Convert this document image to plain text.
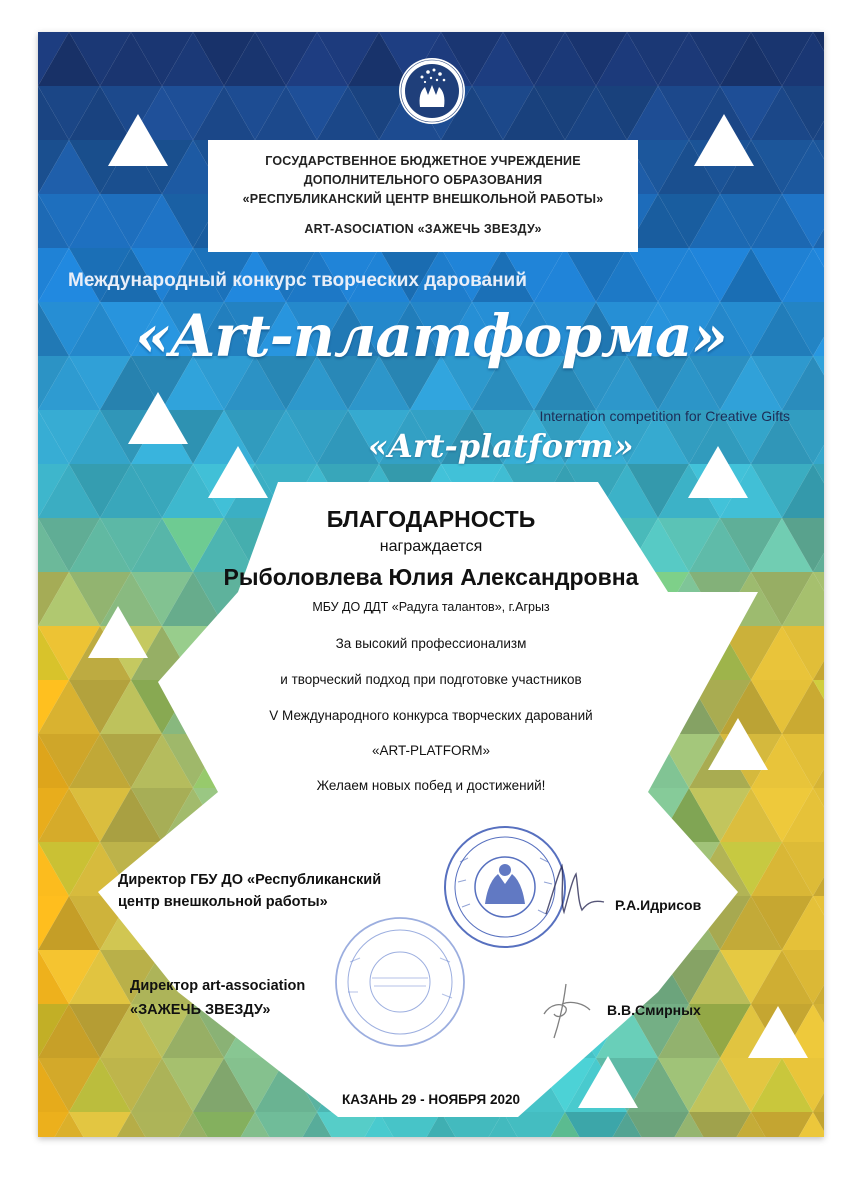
ГОСУДАРСТВЕННОЕ БЮДЖЕТНОЕ УЧРЕЖДЕНИЕ
ДОПОЛНИТЕЛЬНОГО ОБРАЗОВАНИЯ
«РЕСПУБЛИКАНСКИЙ ЦЕНТР ВНЕШКОЛЬНОЙ РАБОТЫ»
ART-ASOCIATION «ЗАЖЕЧЬ ЗВЕЗДУ»
Международный конкурс творческих дарований
«Art-платформа»
Internation competition for Creative Gifts
«Art-platform»
БЛАГОДАРНОСТЬ
награждается
Рыболовлева Юлия Александровна
МБУ ДО ДДТ «Радуга талантов», г.Агрыз
За высокий профессионализм
и творческий подход при подготовке участников
V Международного конкурса творческих дарований
«ART-PLATFORM»
Желаем новых побед и достижений!
Директор ГБУ ДО «Республиканский
центр внешкольной работы»	Р.А.Идрисов
Директор art-association
«ЗАЖЕЧЬ ЗВЕЗДУ»	В.В.Смирных
КАЗАНЬ 29 - НОЯБРЯ 2020
